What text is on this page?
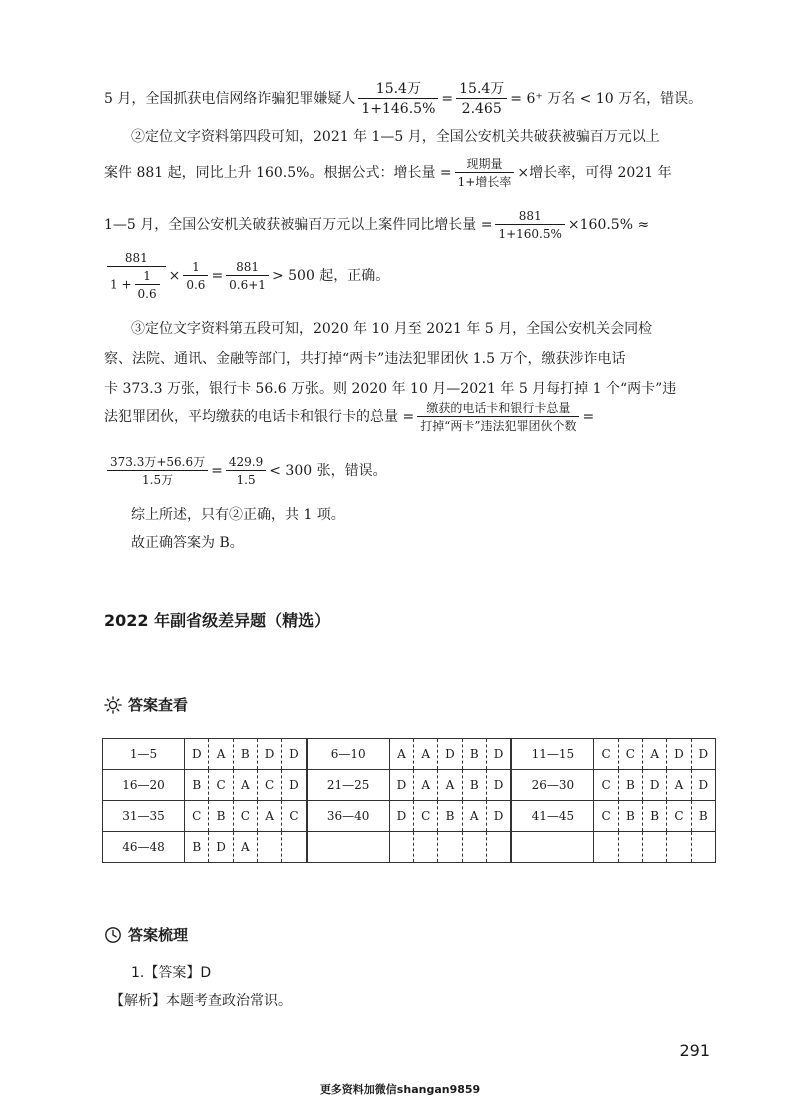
5 月，全国抓获电信网络诈骗犯罪嫌疑人 $\frac{\text{15.4万}}{1+146.5\%} = \frac{\text{15.4万}}{2.465} = 6^+$ 万名 < 10 万名，错误。
②定位文字资料第四段可知，2021 年 1—5 月，全国公安机关共破获被骗百万元以上
案件 881 起，同比上升 160.5%。根据公式：增长量 = $\frac{\text{现期量}}{\text{1+增长率}}$ ×增长率，可得 2021 年
1—5 月，全国公安机关破获被骗百万元以上案件同比增长量 = $\frac{881}{1+160.5\%} \times 160.5\%$ ≈
$\frac{881}{1 + \frac{1}{0.6}} \times \frac{1}{0.6} = \frac{881}{0.6+1} > 500$ 起，正确。
③定位文字资料第五段可知，2020 年 10 月至 2021 年 5 月，全国公安机关会同检
察、法院、通讯、金融等部门，共打掉“两卡”违法犯罪团伙 1.5 万个，缴获涉诈电话
卡 373.3 万张，银行卡 56.6 万张。则 2020 年 10 月—2021 年 5 月每打掉 1 个“两卡”违
法犯罪团伙，平均缴获的电话卡和银行卡的总量 = $\frac{\text{缴获的电话卡和银行卡总量}}{\text{打掉“两卡”违法犯罪团伙个数}}$ =
$\frac{\text{373.3万+56.6万}}{\text{1.5万}} = \frac{429.9}{1.5} < 300$ 张，错误。
综上所述，只有②正确，共 1 项。
故正确答案为 B。
2022 年副省级差异题（精选）
答案查看
1—5	D	A	B	D	D	6—10	A	A	D	B	D	11—15	C	C	A	D	D
16—20	B	C	A	C	D	21—25	D	A	A	B	D	26—30	C	B	D	A	D
31—35	C	B	C	A	C	36—40	D	C	B	A	D	41—45	C	B	B	C	B
46—48	B	D	A														
答案梳理
1.【答案】D
【解析】本题考查政治常识。
291
更多资料加微信shangan9859
